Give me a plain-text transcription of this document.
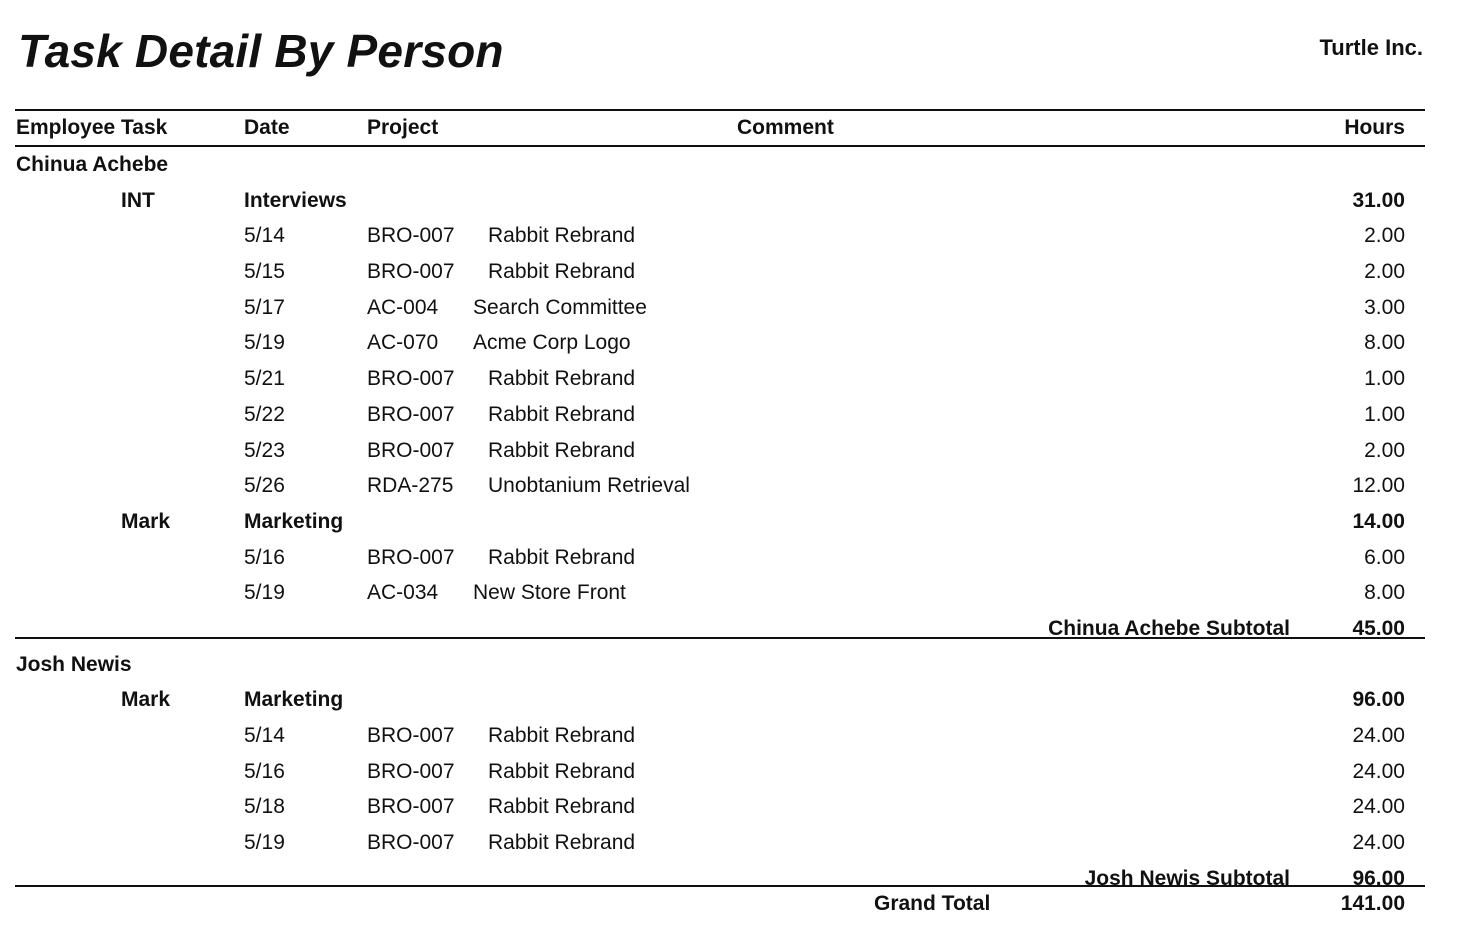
Task Detail By Person	Turtle Inc.
Employee Task	Date	Project	Comment	Hours
Chinua Achebe
INT	Interviews	31.00
5/14	BRO-007 Rabbit Rebrand	2.00
5/15	BRO-007 Rabbit Rebrand	2.00
5/17	AC-004 Search Committee	3.00
5/19	AC-070 Acme Corp Logo	8.00
5/21	BRO-007 Rabbit Rebrand	1.00
5/22	BRO-007 Rabbit Rebrand	1.00
5/23	BRO-007 Rabbit Rebrand	2.00
5/26	RDA-275 Unobtanium Retrieval	12.00
Mark	Marketing	14.00
5/16	BRO-007 Rabbit Rebrand	6.00
5/19	AC-034 New Store Front	8.00
Chinua Achebe Subtotal	45.00
Josh Newis
Mark	Marketing	96.00
5/14	BRO-007 Rabbit Rebrand	24.00
5/16	BRO-007 Rabbit Rebrand	24.00
5/18	BRO-007 Rabbit Rebrand	24.00
5/19	BRO-007 Rabbit Rebrand	24.00
Josh Newis Subtotal	96.00
Grand Total	141.00
